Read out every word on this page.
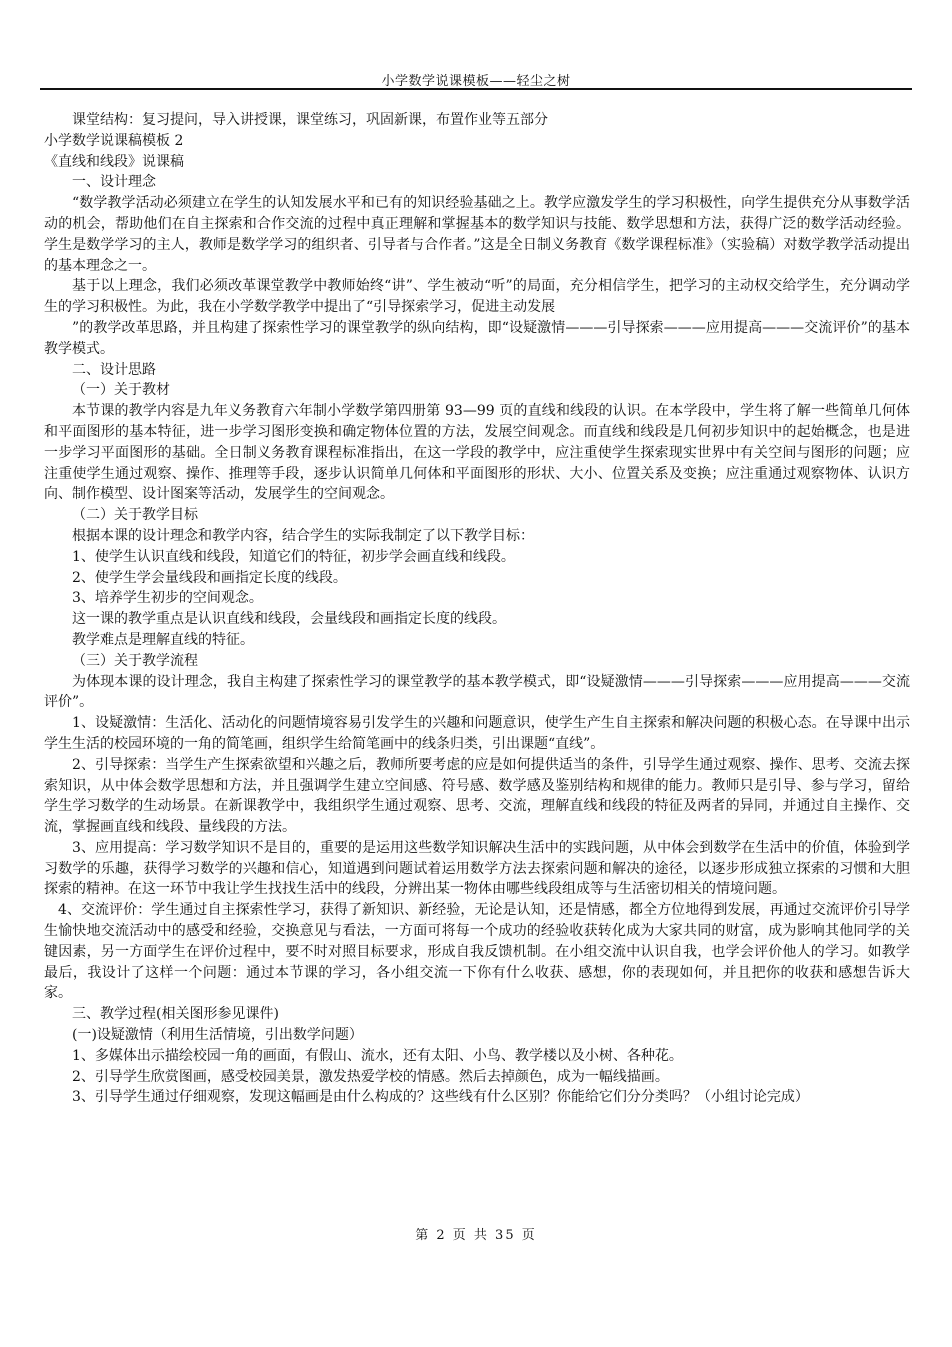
小学数学说课模板——轻尘之树

课堂结构：复习提问，导入讲授课，课堂练习，巩固新课，布置作业等五部分

小学数学说课稿模板 2

《直线和线段》说课稿

一、设计理念

“数学教学活动必须建立在学生的认知发展水平和已有的知识经验基础之上。教学应激发学生的学习积极性，向学生提供充分从事数学活动的机会，帮助他们在自主探索和合作交流的过程中真正理解和掌握基本的数学知识与技能、数学思想和方法，获得广泛的数学活动经验。学生是数学学习的主人，教师是数学学习的组织者、引导者与合作者。”这是全日制义务教育《数学课程标准》（实验稿）对数学教学活动提出的基本理念之一。

基于以上理念，我们必须改革课堂教学中教师始终“讲”、学生被动“听”的局面，充分相信学生，把学习的主动权交给学生，充分调动学生的学习积极性。为此，我在小学数学教学中提出了“引导探索学习，促进主动发展

”的教学改革思路，并且构建了探索性学习的课堂教学的纵向结构，即“设疑激情———引导探索———应用提高———交流评价”的基本教学模式。

二、设计思路

（一）关于教材

本节课的教学内容是九年义务教育六年制小学数学第四册第 93—99 页的直线和线段的认识。在本学段中，学生将了解一些简单几何体和平面图形的基本特征，进一步学习图形变换和确定物体位置的方法，发展空间观念。而直线和线段是几何初步知识中的起始概念，也是进一步学习平面图形的基础。全日制义务教育课程标准指出，在这一学段的教学中，应注重使学生探索现实世界中有关空间与图形的问题；应注重使学生通过观察、操作、推理等手段，逐步认识简单几何体和平面图形的形状、大小、位置关系及变换；应注重通过观察物体、认识方向、制作模型、设计图案等活动，发展学生的空间观念。

（二）关于教学目标

根据本课的设计理念和教学内容，结合学生的实际我制定了以下教学目标：

1、使学生认识直线和线段，知道它们的特征，初步学会画直线和线段。

2、使学生学会量线段和画指定长度的线段。

3、培养学生初步的空间观念。

这一课的教学重点是认识直线和线段，会量线段和画指定长度的线段。

教学难点是理解直线的特征。

（三）关于教学流程

为体现本课的设计理念，我自主构建了探索性学习的课堂教学的基本教学模式，即“设疑激情———引导探索———应用提高———交流评价”。

1、设疑激情：生活化、活动化的问题情境容易引发学生的兴趣和问题意识，使学生产生自主探索和解决问题的积极心态。在导课中出示学生生活的校园环境的一角的简笔画，组织学生给简笔画中的线条归类，引出课题“直线”。

2、引导探索：当学生产生探索欲望和兴趣之后，教师所要考虑的应是如何提供适当的条件，引导学生通过观察、操作、思考、交流去探索知识，从中体会数学思想和方法，并且强调学生建立空间感、符号感、数学感及鉴别结构和规律的能力。教师只是引导、参与学习，留给学生学习数学的生动场景。在新课教学中，我组织学生通过观察、思考、交流，理解直线和线段的特征及两者的异同，并通过自主操作、交流，掌握画直线和线段、量线段的方法。

3、应用提高：学习数学知识不是目的，重要的是运用这些数学知识解决生活中的实践问题，从中体会到数学在生活中的价值，体验到学习数学的乐趣，获得学习数学的兴趣和信心，知道遇到问题试着运用数学方法去探索问题和解决的途径，以逐步形成独立探索的习惯和大胆探索的精神。在这一环节中我让学生找找生活中的线段，分辨出某一物体由哪些线段组成等与生活密切相关的情境问题。

4、交流评价：学生通过自主探索性学习，获得了新知识、新经验，无论是认知，还是情感，都全方位地得到发展，再通过交流评价引导学生愉快地交流活动中的感受和经验，交换意见与看法，一方面可将每一个成功的经验收获转化成为大家共同的财富，成为影响其他同学的关键因素，另一方面学生在评价过程中，要不时对照目标要求，形成自我反馈机制。在小组交流中认识自我，也学会评价他人的学习。如教学最后，我设计了这样一个问题：通过本节课的学习，各小组交流一下你有什么收获、感想，你的表现如何，并且把你的收获和感想告诉大家。

三、教学过程(相关图形参见课件)

(一)设疑激情（利用生活情境，引出数学问题）

1、多媒体出示描绘校园一角的画面，有假山、流水，还有太阳、小鸟、教学楼以及小树、各种花。

2、引导学生欣赏图画，感受校园美景，激发热爱学校的情感。然后去掉颜色，成为一幅线描画。

3、引导学生通过仔细观察，发现这幅画是由什么构成的？这些线有什么区别？你能给它们分分类吗？（小组讨论完成）

第 2 页 共 35 页
